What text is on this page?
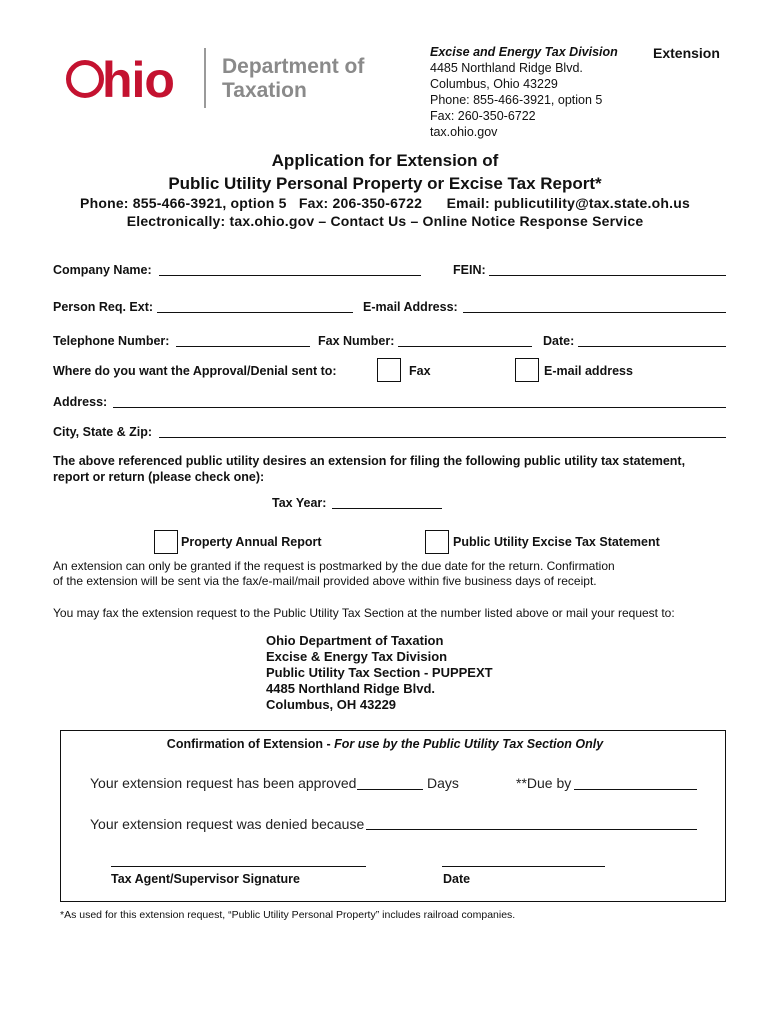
hio Department of
Taxation
Excise and Energy Tax Division
4485 Northland Ridge Blvd.
Columbus, Ohio 43229
Phone: 855-466-3921, option 5
Fax: 260-350-6722
tax.ohio.gov
Extension
Application for Extension of
Public Utility Personal Property or Excise Tax Report*
Phone: 855-466-3921, option 5   Fax: 206-350-6722      Email: publicutility@tax.state.oh.us
Electronically: tax.ohio.gov – Contact Us – Online Notice Response Service
Company Name:	FEIN:
Person Req. Ext:	E-mail Address:
Telephone Number:	Fax Number:	Date:
Where do you want the Approval/Denial sent to:	Fax	E-mail address
Address:
City, State & Zip:
The above referenced public utility desires an extension for filing the following public utility tax statement,
report or return (please check one):
Tax Year:
Property Annual Report	Public Utility Excise Tax Statement
An extension can only be granted if the request is postmarked by the due date for the return. Confirmation
of the extension will be sent via the fax/e-mail/mail provided above within five business days of receipt.
You may fax the extension request to the Public Utility Tax Section at the number listed above or mail your request to:
Ohio Department of Taxation
Excise & Energy Tax Division
Public Utility Tax Section - PUPPEXT
4485 Northland Ridge Blvd.
Columbus, OH 43229
Confirmation of Extension - For use by the Public Utility Tax Section Only
Your extension request has been approved	Days	**Due by
Your extension request was denied because
Tax Agent/Supervisor Signature	Date
*As used for this extension request, “Public Utility Personal Property” includes railroad companies.
